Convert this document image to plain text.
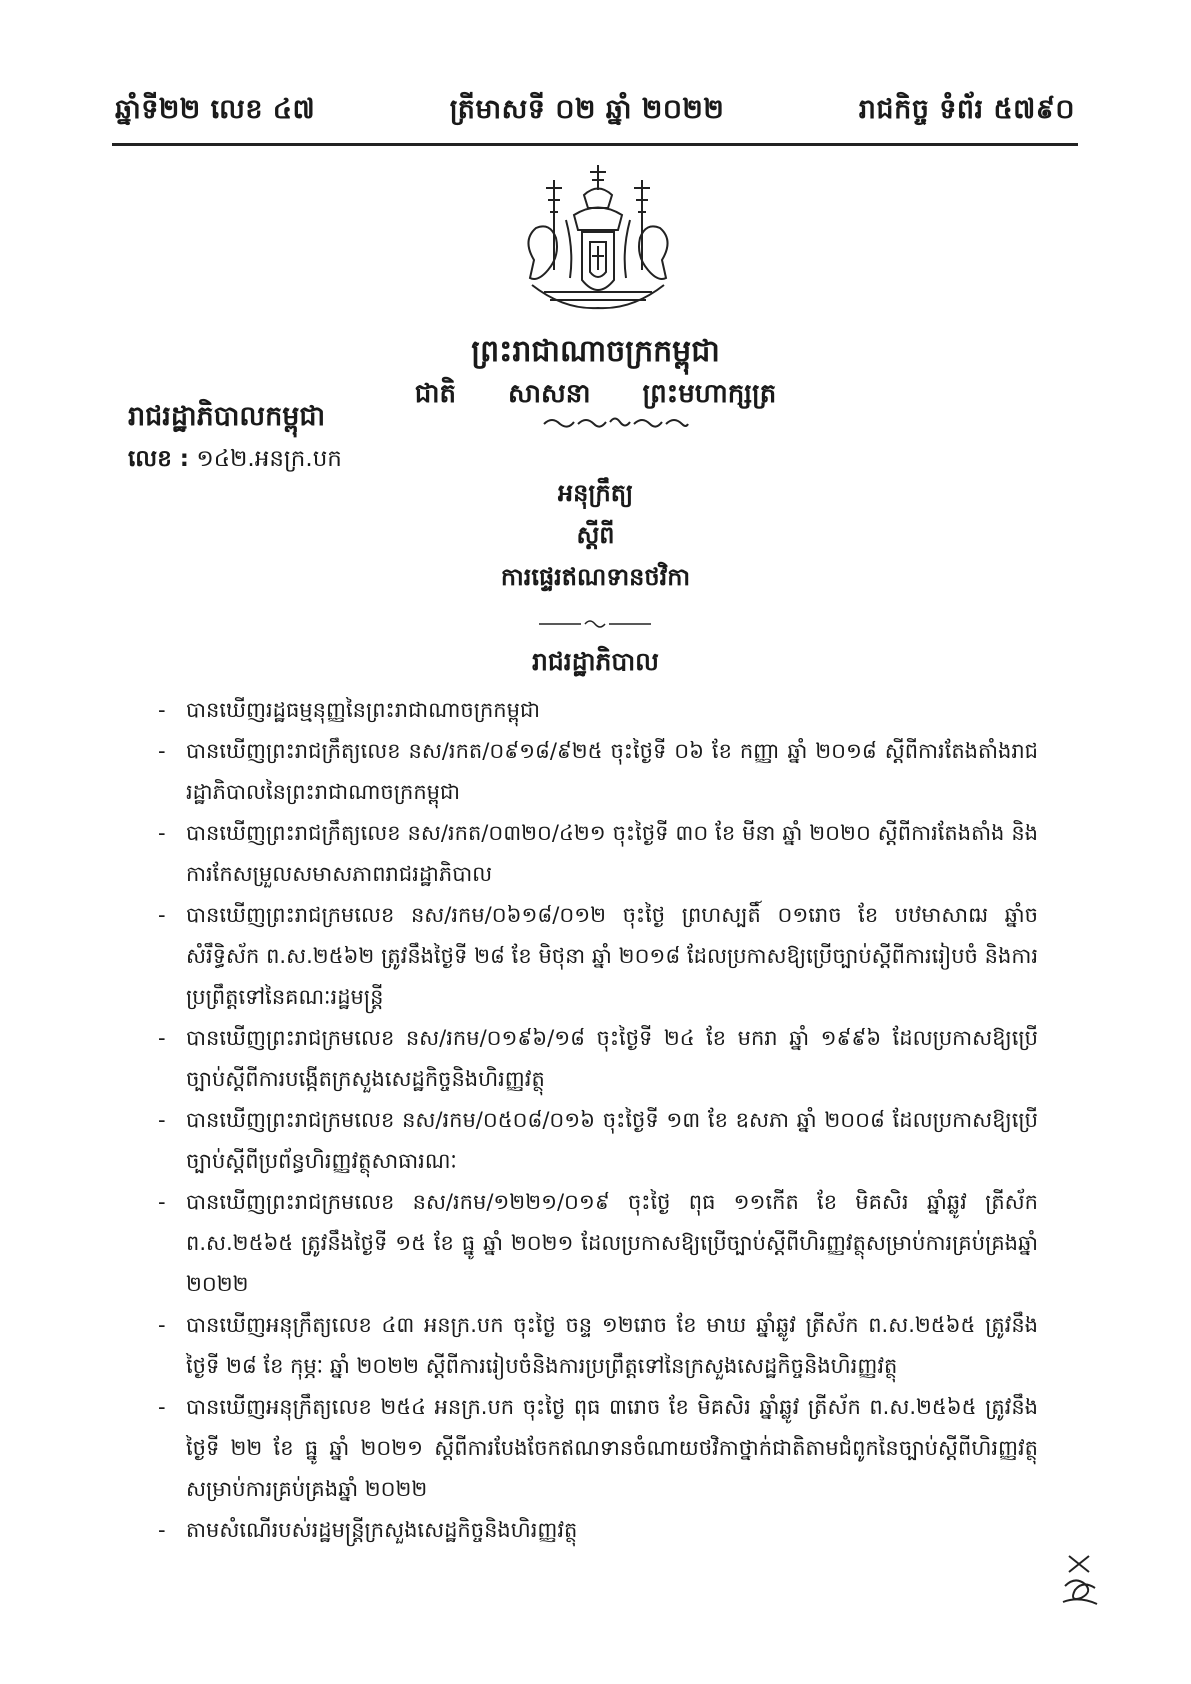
ឆ្នាំទី២២ លេខ ៤៧	ត្រីមាសទី ០២ ឆ្នាំ ២០២២	រាជកិច្ច ទំព័រ ៥៧៩០
ព្រះរាជាណាចក្រកម្ពុជា
ជាតិ សាសនា ព្រះមហាក្សត្រ
រាជរដ្ឋាភិបាលកម្ពុជា
លេខ : ១៤២.អនក្រ.បក
អនុក្រឹត្យ
ស្តីពី
ការផ្ទេរឥណទានថវិកា
រាជរដ្ឋាភិបាល
- បានឃើញរដ្ឋធម្មនុញ្ញនៃព្រះរាជាណាចក្រកម្ពុជា
- បានឃើញព្រះរាជក្រឹត្យលេខ នស/រកត/០៩១៨/៩២៥ ចុះថ្ងៃទី ០៦ ខែ កញ្ញា ឆ្នាំ ២០១៨ ស្តីពីការតែងតាំងរាជរដ្ឋាភិបាលនៃព្រះរាជាណាចក្រកម្ពុជា
- បានឃើញព្រះរាជក្រឹត្យលេខ នស/រកត/០៣២០/៤២១ ចុះថ្ងៃទី ៣០ ខែ មីនា ឆ្នាំ ២០២០ ស្តីពីការតែងតាំង និងការកែសម្រួលសមាសភាពរាជរដ្ឋាភិបាល
- បានឃើញព្រះរាជក្រមលេខ នស/រកម/០៦១៨/០១២ ចុះថ្ងៃ ព្រហស្បតិ៍ ០១រោច ខែ បឋមាសាឍ ឆ្នាំច សំរឹទ្ធិស័ក ព.ស.២៥៦២ ត្រូវនឹងថ្ងៃទី ២៨ ខែ មិថុនា ឆ្នាំ ២០១៨ ដែលប្រកាសឱ្យប្រើច្បាប់ស្តីពីការរៀបចំ និងការប្រព្រឹត្តទៅនៃគណៈរដ្ឋមន្ត្រី
- បានឃើញព្រះរាជក្រមលេខ នស/រកម/០១៩៦/១៨ ចុះថ្ងៃទី ២៤ ខែ មករា ឆ្នាំ ១៩៩៦ ដែលប្រកាសឱ្យប្រើច្បាប់ស្តីពីការបង្កើតក្រសួងសេដ្ឋកិច្ចនិងហិរញ្ញវត្ថុ
- បានឃើញព្រះរាជក្រមលេខ នស/រកម/០៥០៨/០១៦ ចុះថ្ងៃទី ១៣ ខែ ឧសភា ឆ្នាំ ២០០៨ ដែលប្រកាសឱ្យប្រើច្បាប់ស្តីពីប្រព័ន្ធហិរញ្ញវត្ថុសាធារណៈ
- បានឃើញព្រះរាជក្រមលេខ នស/រកម/១២២១/០១៩ ចុះថ្ងៃ ពុធ ១១កើត ខែ មិគសិរ ឆ្នាំឆ្លូវ ត្រីស័ក ព.ស.២៥៦៥ ត្រូវនឹងថ្ងៃទី ១៥ ខែ ធ្នូ ឆ្នាំ ២០២១ ដែលប្រកាសឱ្យប្រើច្បាប់ស្តីពីហិរញ្ញវត្ថុសម្រាប់ការគ្រប់គ្រងឆ្នាំ ២០២២
- បានឃើញអនុក្រឹត្យលេខ ៤៣ អនក្រ.បក ចុះថ្ងៃ ចន្ទ ១២រោច ខែ មាឃ ឆ្នាំឆ្លូវ ត្រីស័ក ព.ស.២៥៦៥ ត្រូវនឹងថ្ងៃទី ២៨ ខែ កុម្ភៈ ឆ្នាំ ២០២២ ស្តីពីការរៀបចំនិងការប្រព្រឹត្តទៅនៃក្រសួងសេដ្ឋកិច្ចនិងហិរញ្ញវត្ថុ
- បានឃើញអនុក្រឹត្យលេខ ២៥៤ អនក្រ.បក ចុះថ្ងៃ ពុធ ៣រោច ខែ មិគសិរ ឆ្នាំឆ្លូវ ត្រីស័ក ព.ស.២៥៦៥ ត្រូវនឹងថ្ងៃទី ២២ ខែ ធ្នូ ឆ្នាំ ២០២១ ស្តីពីការបែងចែកឥណទានចំណាយថវិកាថ្នាក់ជាតិតាមជំពូកនៃច្បាប់ស្តីពីហិរញ្ញវត្ថុសម្រាប់ការគ្រប់គ្រងឆ្នាំ ២០២២
- តាមសំណើរបស់រដ្ឋមន្ត្រីក្រសួងសេដ្ឋកិច្ចនិងហិរញ្ញវត្ថុ
